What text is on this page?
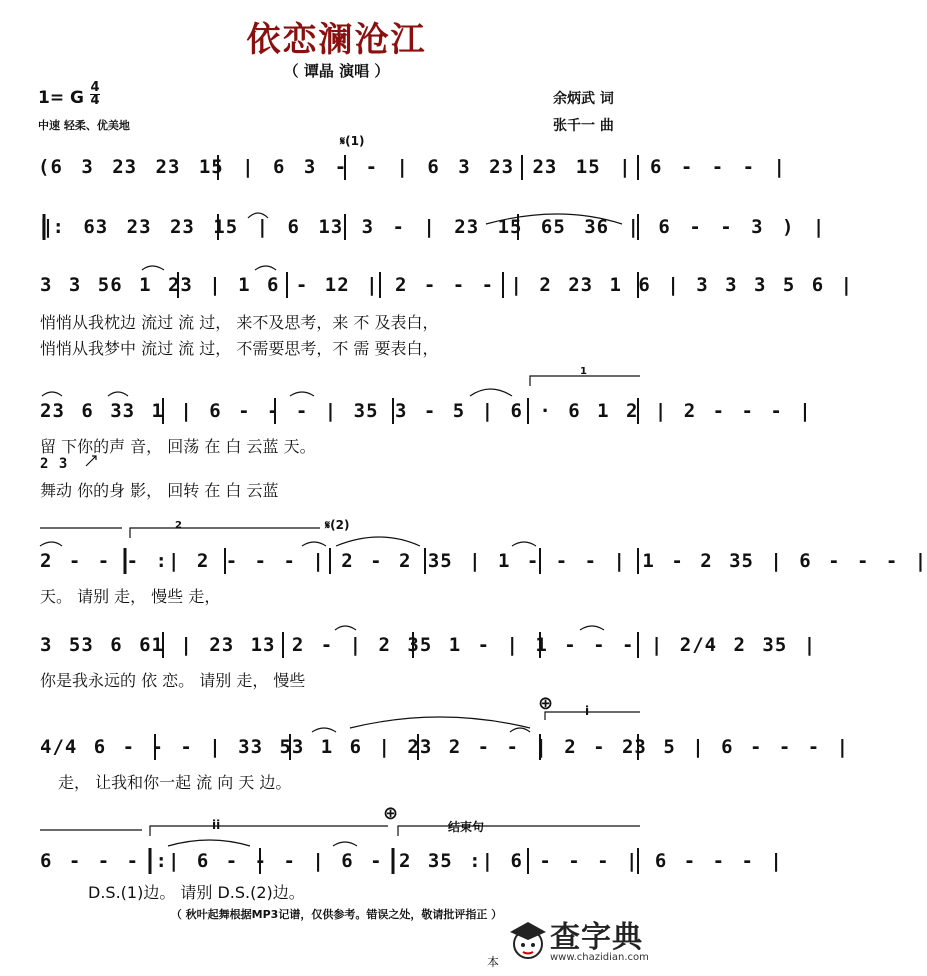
依恋澜沧江
（ 谭晶 演唱 ）
1= G
4
4
中速 轻柔、优美地
余炳武 词
张千一 曲
𝄋(1)
1
2	𝄋(2)
⊕	i
ii
⊕
结束句
(6 3 23 23 15 | 6 3 - - | 6 3 23 23 15 | 6 - - - |
‖: 63 23 23 15 | 6 13 3 - | 23 15 65 36 | 6 - - 3 ) |
3 3 56 1 23 | 1 6 - 12 | 2 - - - | 2 23 1 6 | 3 3 3 5 6 |
悄悄从我枕边 流过 流 过， 来不及思考，来 不 及表白，
悄悄从我梦中 流过 流 过， 不需要思考，不 需 要表白，
23 6 33 1 | 6 - - - | 35 3 - 5 | 6 · 6 1 2 | 2 - - - |
留 下你的声 音， 回荡 在 白 云蓝 天。
2 3
舞动 你的身 影， 回转 在 白 云蓝
2 - - - :| 2 - - - | 2 - 2 35 | 1 - - - | 1 - 2 35 | 6 - - - |
天。 请别 走， 慢些 走，
3 53 6 61 | 23 13 2 - | 2 35 1 - | 1 - - - | 2/4 2 35 |
你是我永远的 依 恋。 请别 走， 慢些
4/4 6 - - - | 33 53 1 6 | 23 2 - - | 2 - 23 5 | 6 - - - |
走， 让我和你一起 流 向 天 边。
6 - - - :| 6 - - - | 6 - 2 35 :| 6 - - - | 6 - - - |
D.S.(1)边。 请别 D.S.(2)边。
（ 秋叶起舞根据MP3记谱，仅供参考。错误之处，敬请批评指正 ）
本
查字典
www.chazidian.com
